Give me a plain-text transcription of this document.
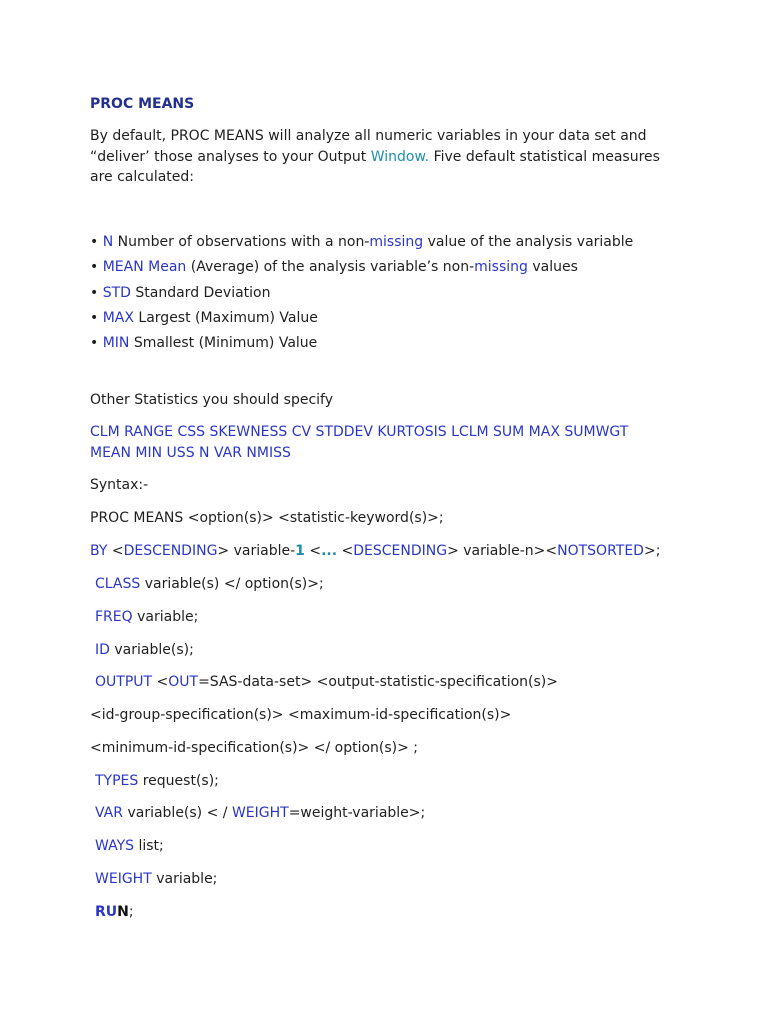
PROC MEANS
By default, PROC MEANS will analyze all numeric variables in your data set and
“deliver’ those analyses to your Output Window. Five default statistical measures
are calculated:
• N Number of observations with a non-missing value of the analysis variable
• MEAN Mean (Average) of the analysis variable’s non-missing values
• STD Standard Deviation
• MAX Largest (Maximum) Value
• MIN Smallest (Minimum) Value
Other Statistics you should specify
CLM RANGE CSS SKEWNESS CV STDDEV KURTOSIS LCLM SUM MAX SUMWGT
MEAN MIN USS N VAR NMISS
Syntax:-
PROC MEANS <option(s)> <statistic-keyword(s)>;
BY <DESCENDING> variable-1 <... <DESCENDING> variable-n><NOTSORTED>;
CLASS variable(s) </ option(s)>;
FREQ variable;
ID variable(s);
OUTPUT <OUT=SAS-data-set> <output-statistic-specification(s)>
<id-group-specification(s)> <maximum-id-specification(s)>
<minimum-id-specification(s)> </ option(s)> ;
TYPES request(s);
VAR variable(s) < / WEIGHT=weight-variable>;
WAYS list;
WEIGHT variable;
RUN;
